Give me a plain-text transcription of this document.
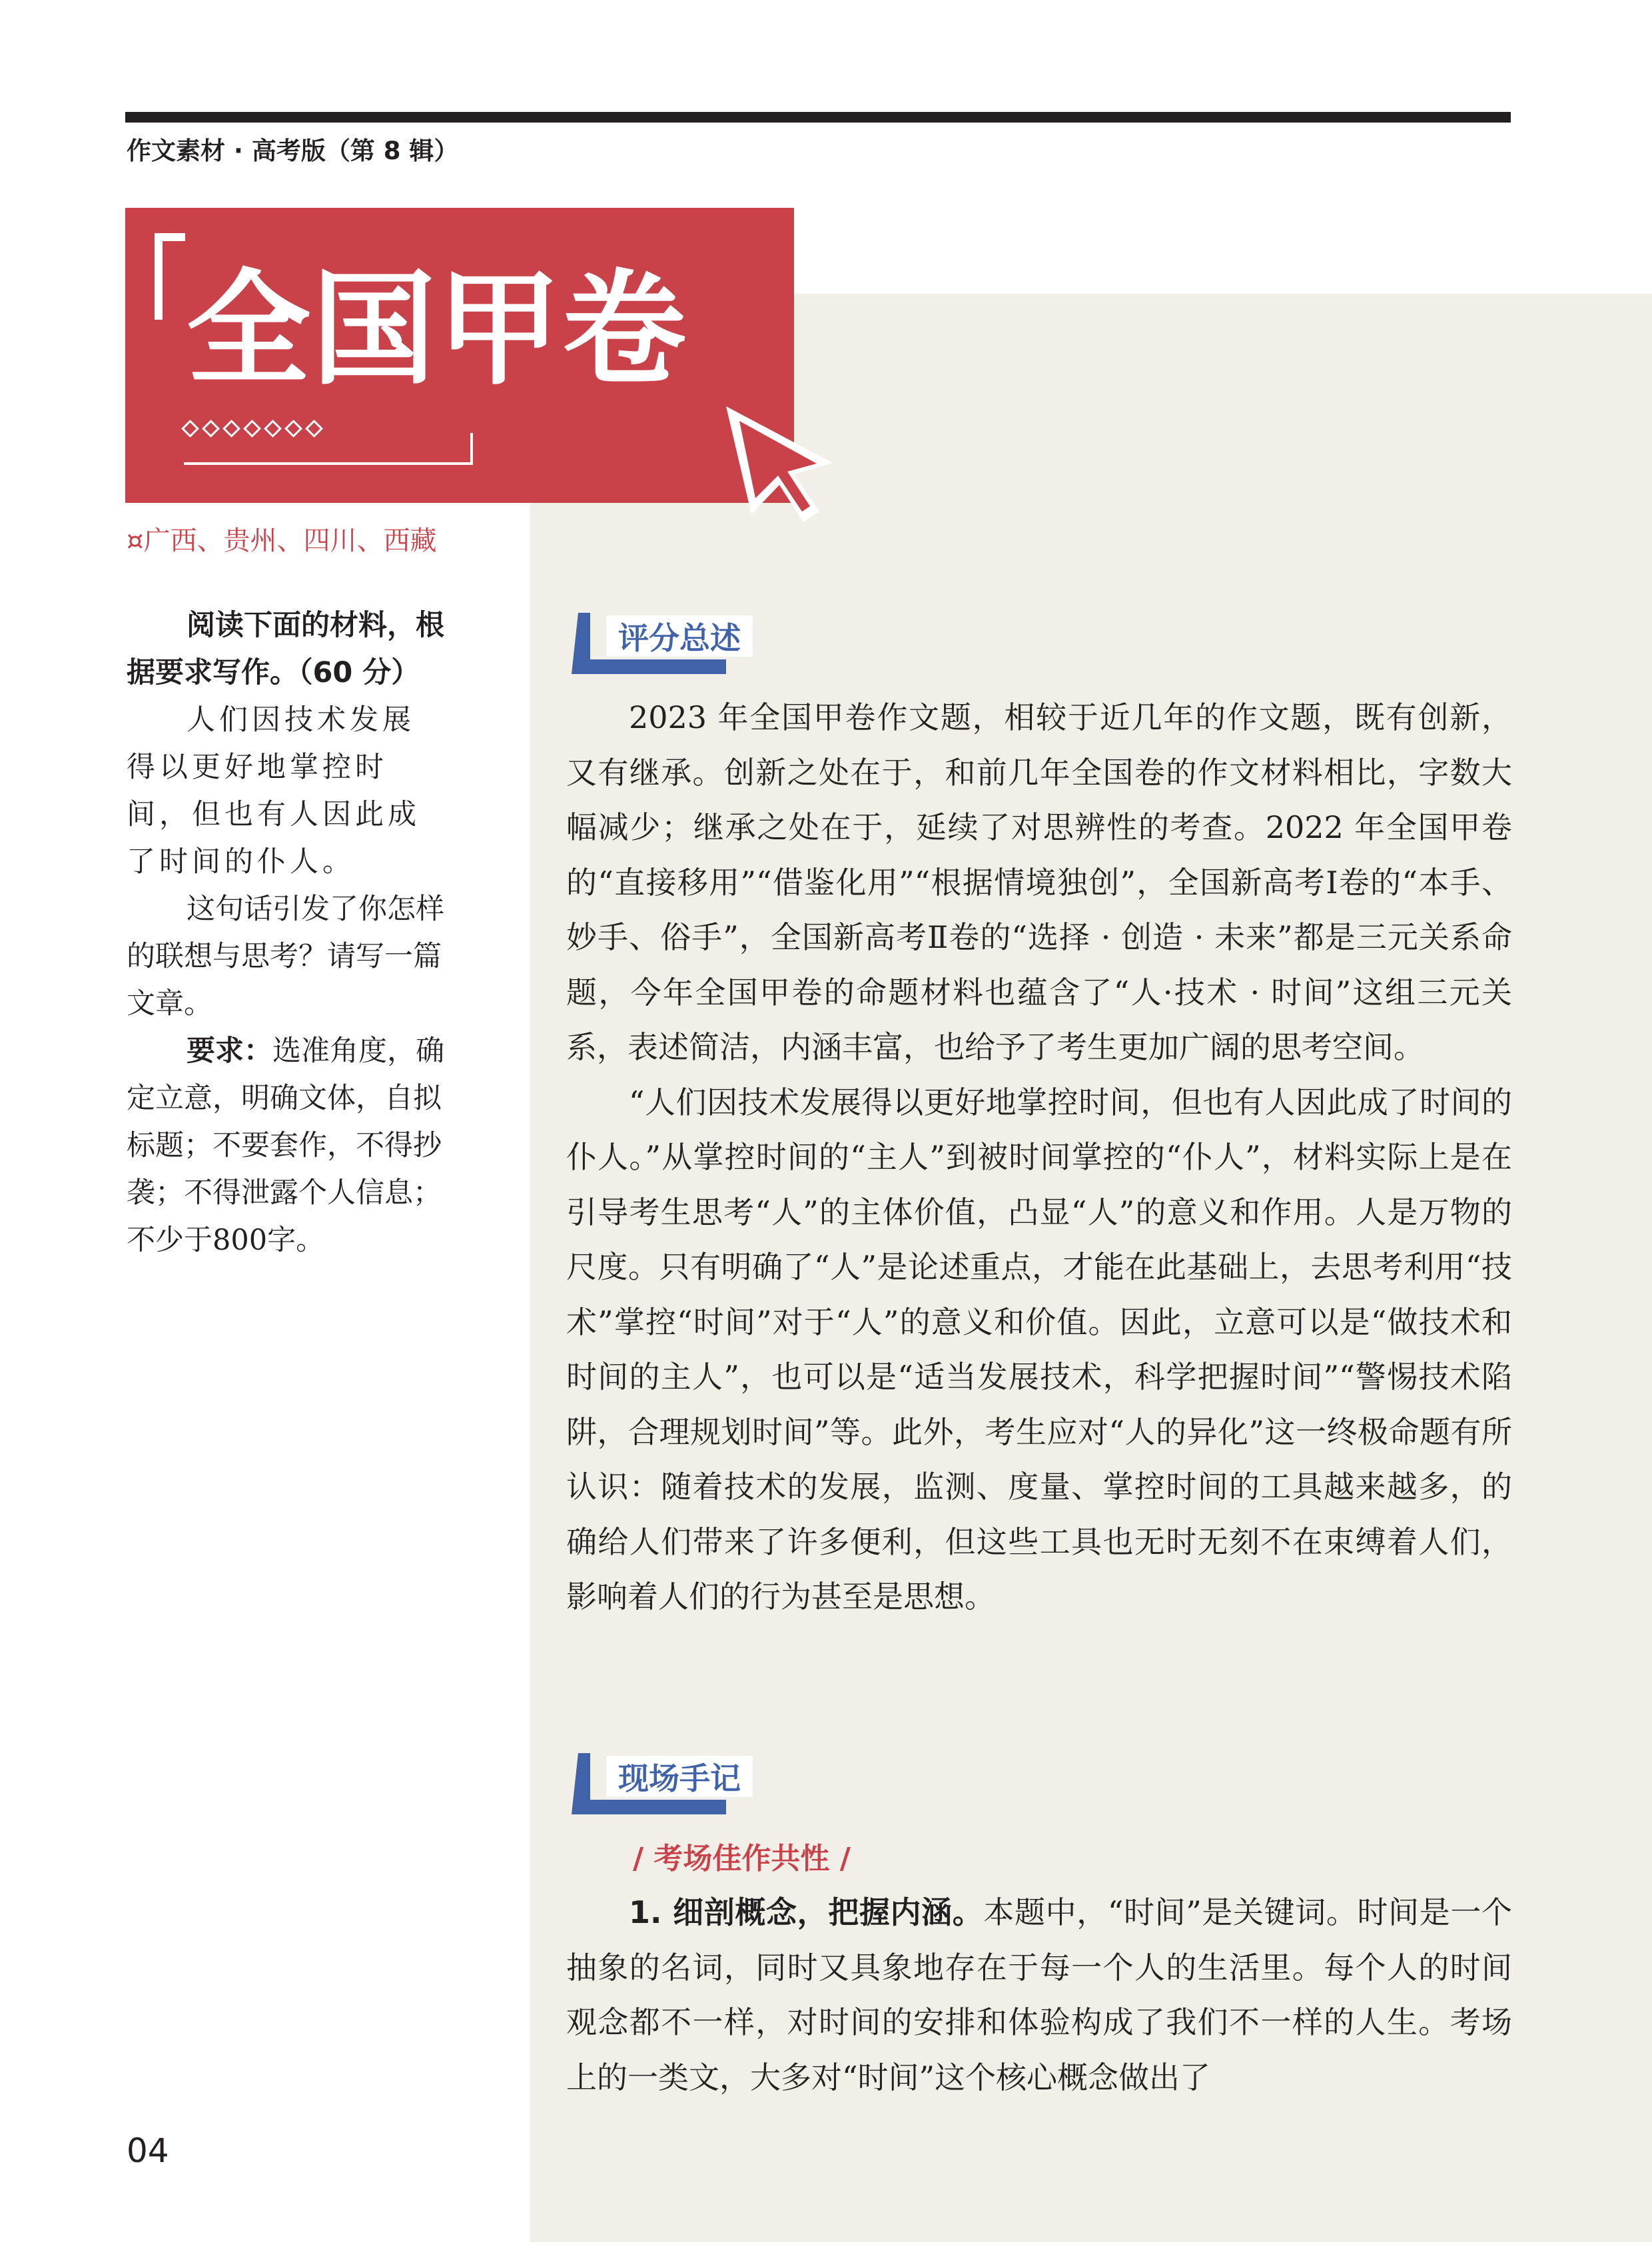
作文素材 · 高考版（第 8 辑）
全国甲卷
¤广西、贵州、四川、西藏

阅读下面的材料，根据要求写作。（60 分）

人们因技术发展得以更好地掌控时间，但也有人因此成了时间的仆人。

这句话引发了你怎样的联想与思考？请写一篇文章。

要求：选准角度，确定立意，明确文体，自拟标题；不要套作，不得抄袭；不得泄露个人信息；不少于800字。

评分总述

2023 年全国甲卷作文题，相较于近几年的作文题，既有创新，又有继承。创新之处在于，和前几年全国卷的作文材料相比，字数大幅减少；继承之处在于，延续了对思辨性的考查。2022 年全国甲卷的“直接移用”“借鉴化用”“根据情境独创”，全国新高考Ⅰ卷的“本手、妙手、俗手”，全国新高考Ⅱ卷的“选择 · 创造 · 未来”都是三元关系命题，今年全国甲卷的命题材料也蕴含了“人·技术 · 时间”这组三元关系，表述简洁，内涵丰富，也给予了考生更加广阔的思考空间。

“人们因技术发展得以更好地掌控时间，但也有人因此成了时间的仆人。”从掌控时间的“主人”到被时间掌控的“仆人”，材料实际上是在引导考生思考“人”的主体价值，凸显“人”的意义和作用。人是万物的尺度。只有明确了“人”是论述重点，才能在此基础上，去思考利用“技术”掌控“时间”对于“人”的意义和价值。因此，立意可以是“做技术和时间的主人”，也可以是“适当发展技术，科学把握时间”“警惕技术陷阱，合理规划时间”等。此外，考生应对“人的异化”这一终极命题有所认识：随着技术的发展，监测、度量、掌控时间的工具越来越多，的确给人们带来了许多便利，但这些工具也无时无刻不在束缚着人们，影响着人们的行为甚至是思想。

现场手记
/ 考场佳作共性 /

1. 细剖概念，把握内涵。本题中，“时间”是关键词。时间是一个抽象的名词，同时又具象地存在于每一个人的生活里。每个人的时间观念都不一样，对时间的安排和体验构成了我们不一样的人生。考场上的一类文，大多对“时间”这个核心概念做出了

04
